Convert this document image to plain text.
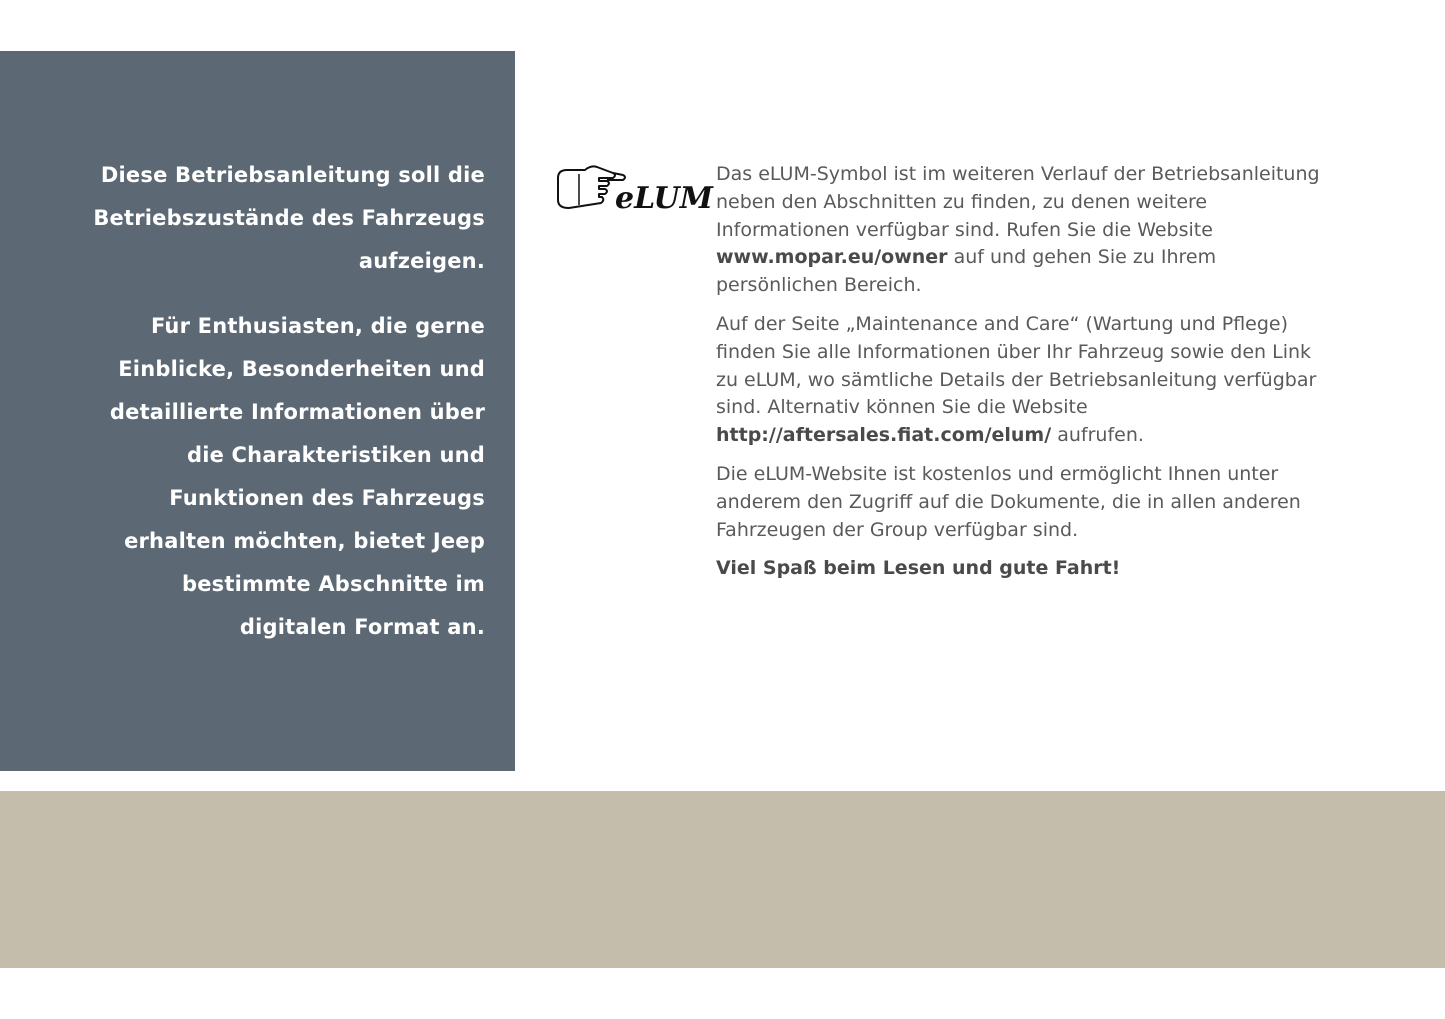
Diese Betriebsanleitung soll die Betriebszustände des Fahrzeugs aufzeigen.

Für Enthusiasten, die gerne Einblicke, Besonderheiten und detaillierte Informationen über die Charakteristiken und Funktionen des Fahrzeugs erhalten möchten, bietet Jeep bestimmte Abschnitte im digitalen Format an.

eLUM

Das eLUM-Symbol ist im weiteren Verlauf der Betriebsanleitung neben den Abschnitten zu finden, zu denen weitere Informationen verfügbar sind. Rufen Sie die Website www.mopar.eu/owner auf und gehen Sie zu Ihrem persönlichen Bereich.

Auf der Seite „Maintenance and Care“ (Wartung und Pflege) finden Sie alle Informationen über Ihr Fahrzeug sowie den Link zu eLUM, wo sämtliche Details der Betriebsanleitung verfügbar sind. Alternativ können Sie die Website http://aftersales.fiat.com/elum/ aufrufen.

Die eLUM-Website ist kostenlos und ermöglicht Ihnen unter anderem den Zugriff auf die Dokumente, die in allen anderen Fahrzeugen der Group verfügbar sind.

Viel Spaß beim Lesen und gute Fahrt!
